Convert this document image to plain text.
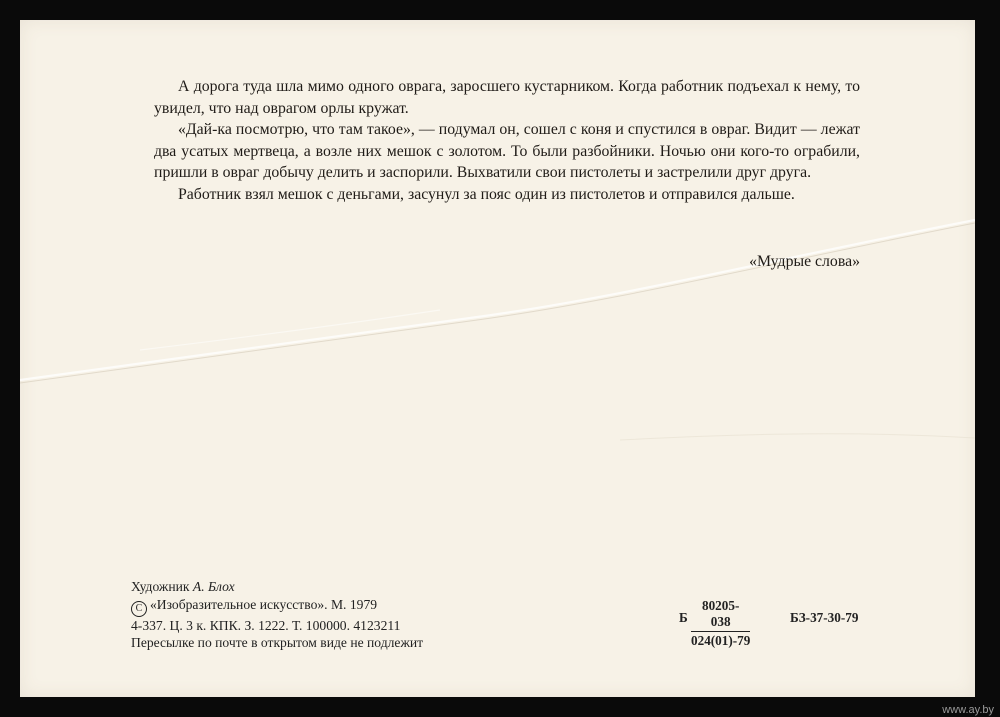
А дорога туда шла мимо одного оврага, заросшего кустарником. Когда работник подъехал к нему, то увидел, что над оврагом орлы кружат.

«Дай-ка посмотрю, что там такое», — подумал он, сошел с коня и спустился в овраг. Видит — лежат два усатых мертвеца, а возле них мешок с золотом. То были разбойники. Ночью они кого-то ограбили, пришли в овраг добычу делить и заспорили. Выхватили свои пистолеты и застрелили друг друга.

Работник взял мешок с деньгами, засунул за пояс один из пистолетов и отправился дальше.

«Мудрые слова»
Художник А. Блох
C «Изобразительное искусство». М. 1979
4-337. Ц. 3 к. КПК. З. 1222. Т. 100000. 4123211
Пересылке по почте в открытом виде не подлежит
Б $\frac{80205-038}{024(01)-79}$	БЗ-37-30-79
www.ay.by
